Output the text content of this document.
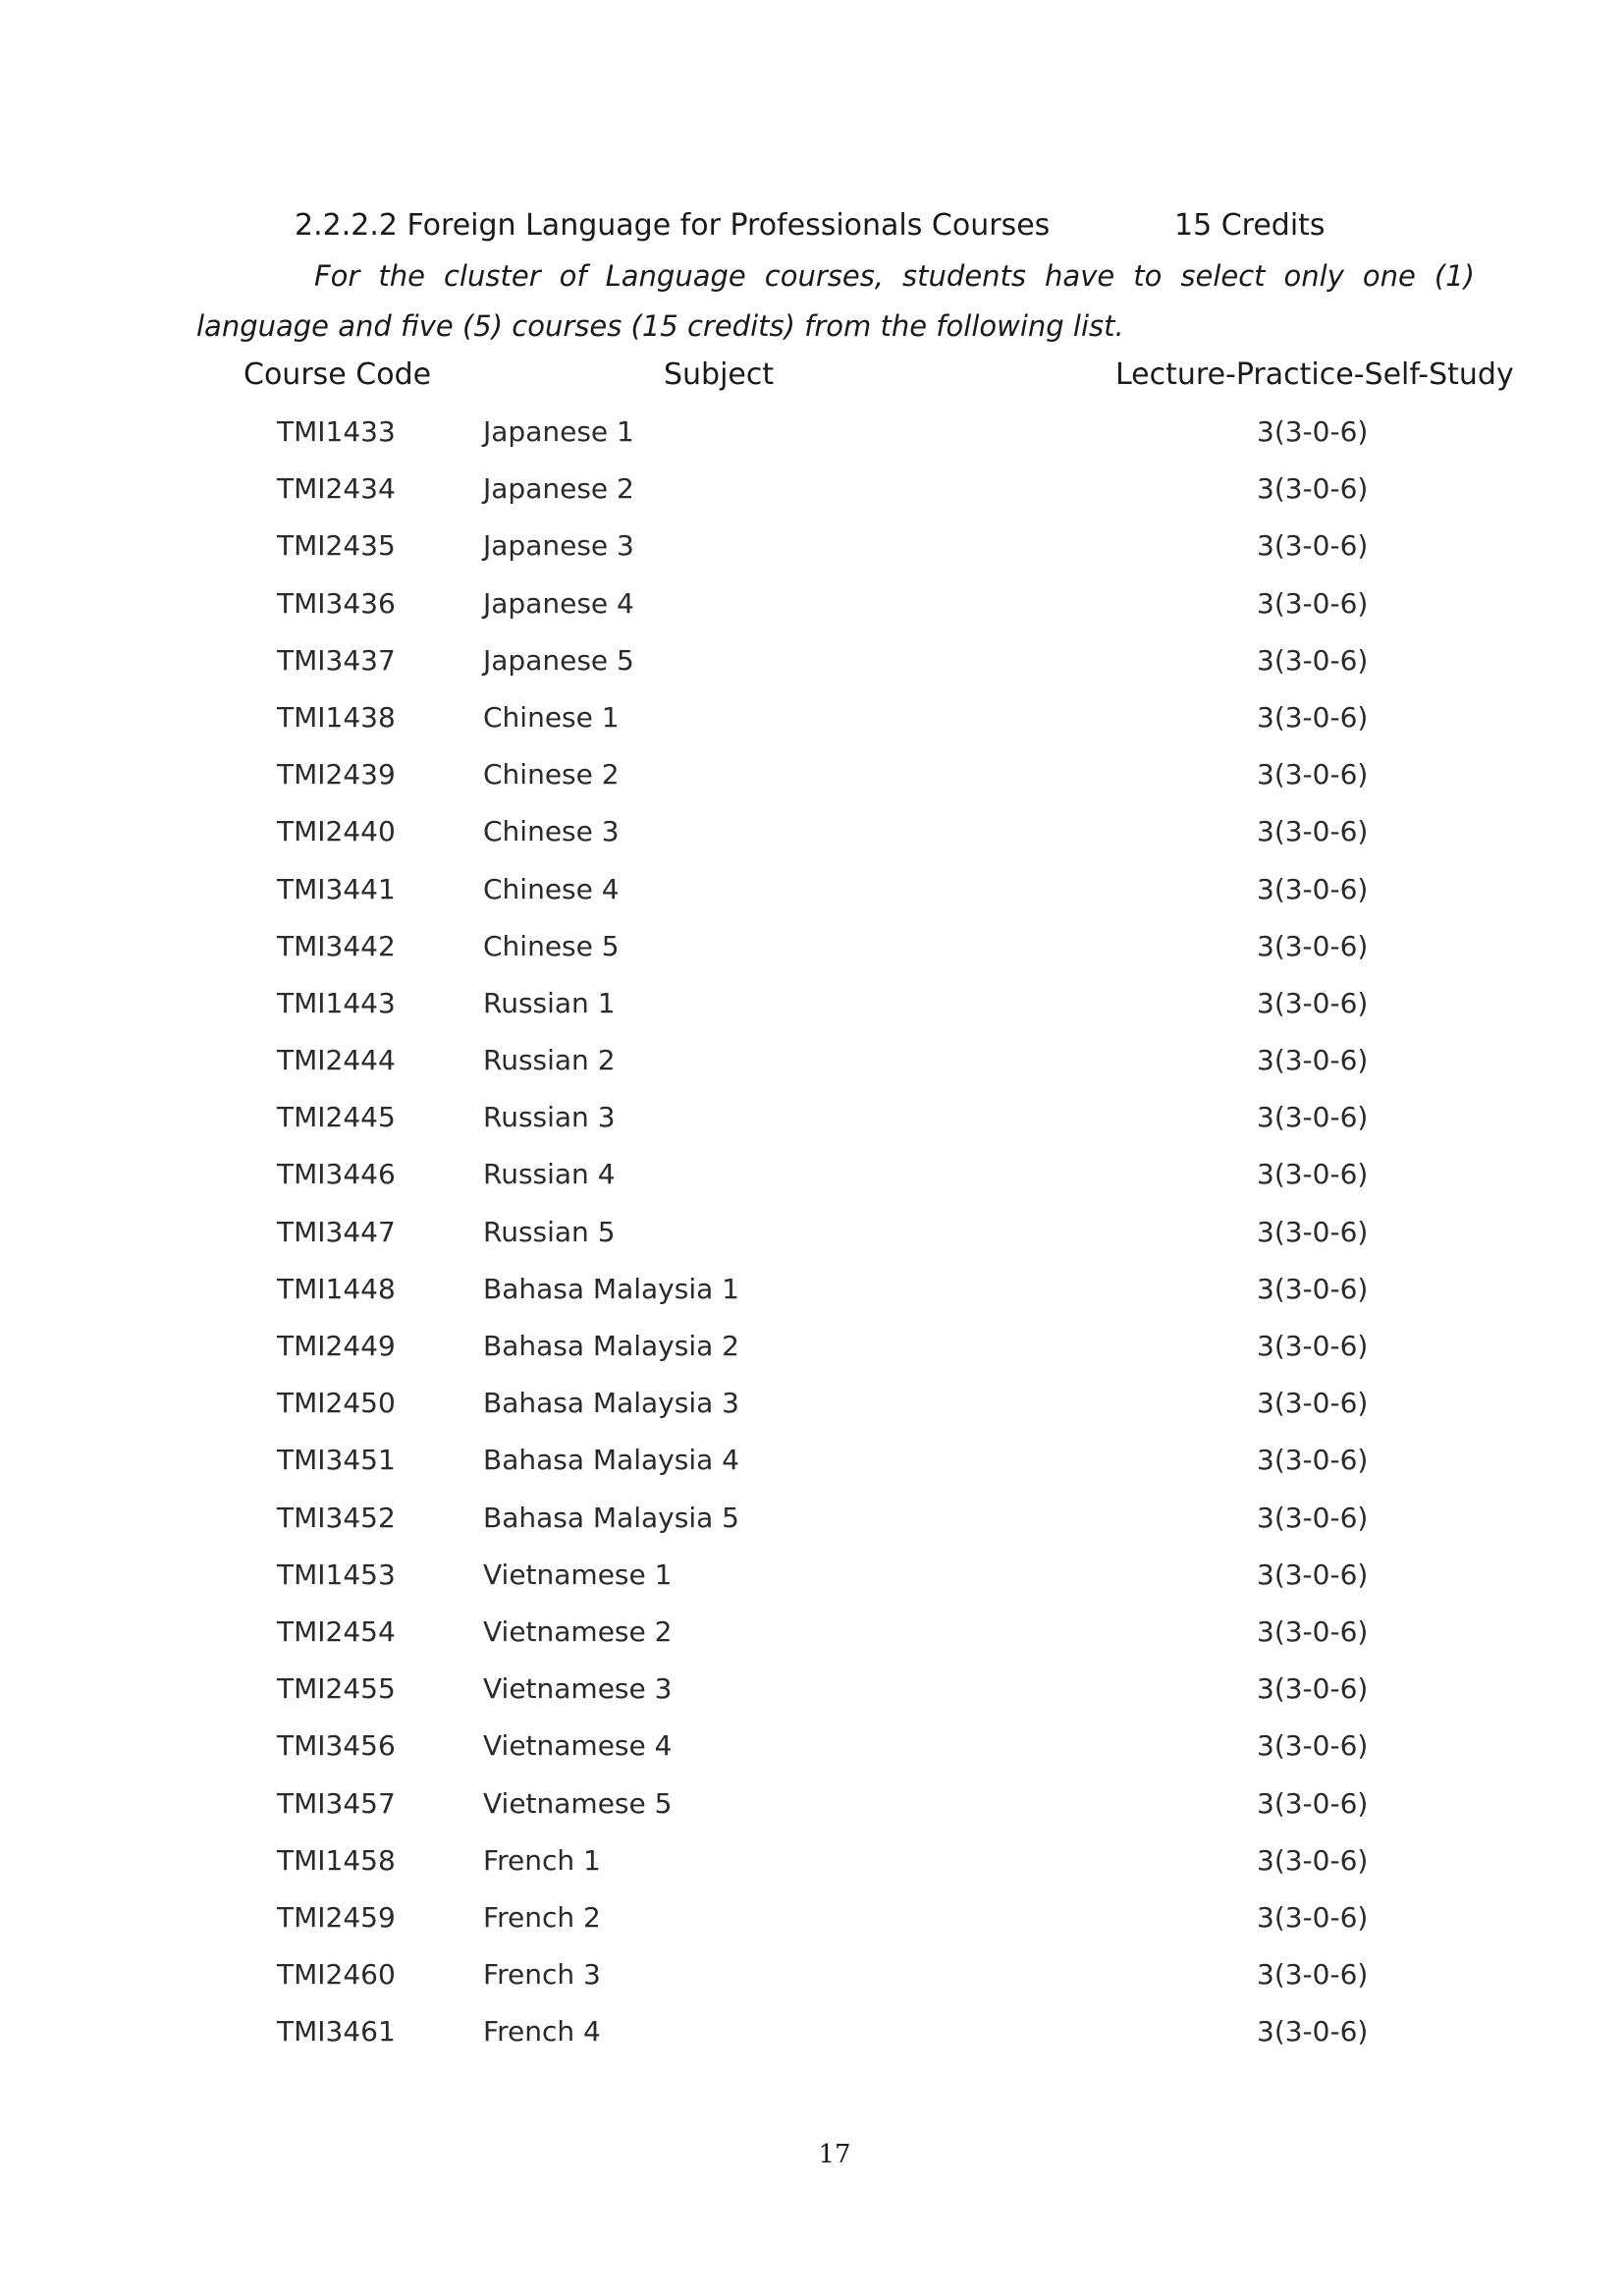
2.2.2.2 Foreign Language for Professionals Courses	15 Credits
For the cluster of Language courses, students have to select only one (1)
language and five (5) courses (15 credits) from the following list.
Course Code	Subject	Lecture-Practice-Self-Study
TMI1433	Japanese 1	3(3-0-6)
TMI2434	Japanese 2	3(3-0-6)
TMI2435	Japanese 3	3(3-0-6)
TMI3436	Japanese 4	3(3-0-6)
TMI3437	Japanese 5	3(3-0-6)
TMI1438	Chinese 1	3(3-0-6)
TMI2439	Chinese 2	3(3-0-6)
TMI2440	Chinese 3	3(3-0-6)
TMI3441	Chinese 4	3(3-0-6)
TMI3442	Chinese 5	3(3-0-6)
TMI1443	Russian 1	3(3-0-6)
TMI2444	Russian 2	3(3-0-6)
TMI2445	Russian 3	3(3-0-6)
TMI3446	Russian 4	3(3-0-6)
TMI3447	Russian 5	3(3-0-6)
TMI1448	Bahasa Malaysia 1	3(3-0-6)
TMI2449	Bahasa Malaysia 2	3(3-0-6)
TMI2450	Bahasa Malaysia 3	3(3-0-6)
TMI3451	Bahasa Malaysia 4	3(3-0-6)
TMI3452	Bahasa Malaysia 5	3(3-0-6)
TMI1453	Vietnamese 1	3(3-0-6)
TMI2454	Vietnamese 2	3(3-0-6)
TMI2455	Vietnamese 3	3(3-0-6)
TMI3456	Vietnamese 4	3(3-0-6)
TMI3457	Vietnamese 5	3(3-0-6)
TMI1458	French 1	3(3-0-6)
TMI2459	French 2	3(3-0-6)
TMI2460	French 3	3(3-0-6)
TMI3461	French 4	3(3-0-6)
17
